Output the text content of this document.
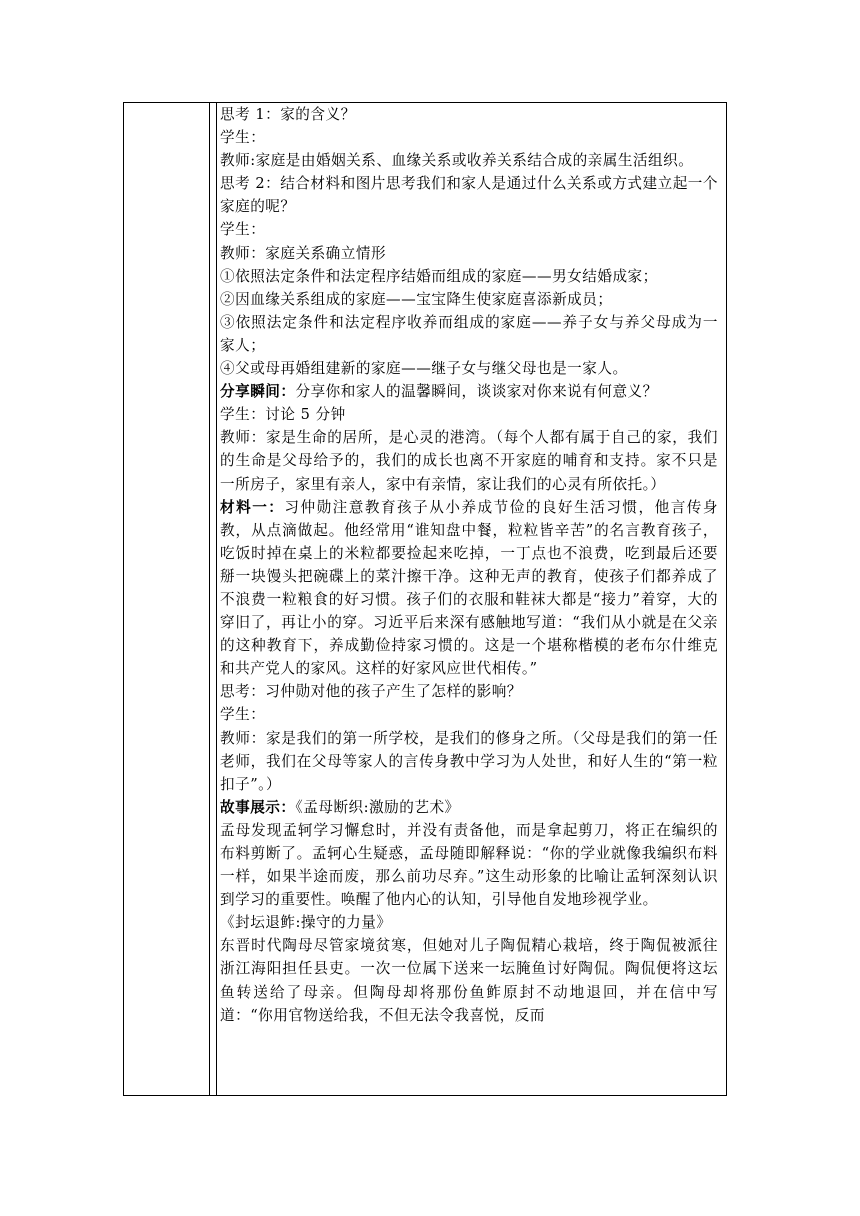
思考 1：家的含义？

学生：

教师:家庭是由婚姻关系、血缘关系或收养关系结合成的亲属生活组织。

思考 2：结合材料和图片思考我们和家人是通过什么关系或方式建立起一个家庭的呢？

学生：

教师：家庭关系确立情形

①依照法定条件和法定程序结婚而组成的家庭——男女结婚成家；

②因血缘关系组成的家庭——宝宝降生使家庭喜添新成员；

③依照法定条件和法定程序收养而组成的家庭——养子女与养父母成为一家人；

④父或母再婚组建新的家庭——继子女与继父母也是一家人。

分享瞬间：分享你和家人的温馨瞬间，谈谈家对你来说有何意义？

学生：讨论 5 分钟

教师：家是生命的居所，是心灵的港湾。（每个人都有属于自己的家，我们的生命是父母给予的，我们的成长也离不开家庭的哺育和支持。家不只是一所房子，家里有亲人，家中有亲情，家让我们的心灵有所依托。）

材料一：习仲勋注意教育孩子从小养成节俭的良好生活习惯，他言传身教，从点滴做起。他经常用“谁知盘中餐，粒粒皆辛苦”的名言教育孩子，吃饭时掉在桌上的米粒都要捡起来吃掉，一丁点也不浪费，吃到最后还要掰一块馒头把碗碟上的菜汁擦干净。这种无声的教育，使孩子们都养成了不浪费一粒粮食的好习惯。孩子们的衣服和鞋袜大都是“接力”着穿，大的穿旧了，再让小的穿。习近平后来深有感触地写道：“我们从小就是在父亲的这种教育下，养成勤俭持家习惯的。这是一个堪称楷模的老布尔什维克和共产党人的家风。这样的好家风应世代相传。”

思考：习仲勋对他的孩子产生了怎样的影响？

学生：

教师：家是我们的第一所学校，是我们的修身之所。（父母是我们的第一任老师，我们在父母等家人的言传身教中学习为人处世，和好人生的“第一粒扣子”。）

故事展示：《孟母断织:激励的艺术》

孟母发现孟轲学习懈怠时，并没有责备他，而是拿起剪刀，将正在编织的布料剪断了。孟轲心生疑惑，孟母随即解释说：“你的学业就像我编织布料一样，如果半途而废，那么前功尽弃。”这生动形象的比喻让孟轲深刻认识到学习的重要性。唤醒了他内心的认知，引导他自发地珍视学业。

《封坛退鲊:操守的力量》

东晋时代陶母尽管家境贫寒，但她对儿子陶侃精心栽培，终于陶侃被派往浙江海阳担任县吏。一次一位属下送来一坛腌鱼讨好陶侃。陶侃便将这坛鱼转送给了母亲。但陶母却将那份鱼鲊原封不动地退回，并在信中写道：“你用官物送给我，不但无法令我喜悦，反而
